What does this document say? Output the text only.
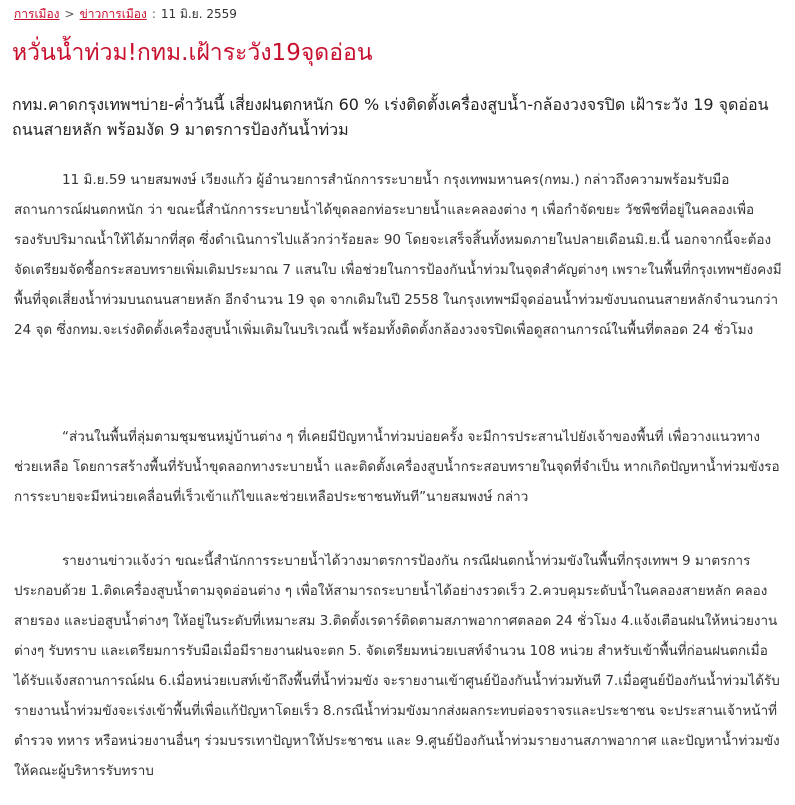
การเมือง > ข่าวการเมือง : 11 มิ.ย. 2559
หวั่นน้ำท่วม!กทม.เฝ้าระวัง19จุดอ่อน

กทม.คาดกรุงเทพฯบ่าย-ค่ำวันนี้ เสี่ยงฝนตกหนัก 60 % เร่งติดตั้งเครื่องสูบน้ำ-กล้องวงจรปิด เฝ้าระวัง 19 จุดอ่อนถนนสายหลัก พร้อมงัด 9 มาตรการป้องกันน้ำท่วม

11 มิ.ย.59 นายสมพงษ์ เวียงแก้ว ผู้อำนวยการสำนักการระบายน้ำ กรุงเทพมหานคร(กทม.) กล่าวถึงความพร้อมรับมือสถานการณ์ฝนตกหนัก ว่า ขณะนี้สำนักการระบายน้ำได้ขุดลอกท่อระบายน้ำและคลองต่าง ๆ เพื่อกำจัดขยะ วัชพืชที่อยู่ในคลองเพื่อรองรับปริมาณน้ำให้ได้มากที่สุด ซึ่งดำเนินการไปแล้วกว่าร้อยละ 90 โดยจะเสร็จสิ้นทั้งหมดภายในปลายเดือนมิ.ย.นี้ นอกจากนี้จะต้องจัดเตรียมจัดซื้อกระสอบทรายเพิ่มเติมประมาณ 7 แสนใบ เพื่อช่วยในการป้องกันน้ำท่วมในจุดสำคัญต่างๆ เพราะในพื้นที่กรุงเทพฯยังคงมีพื้นที่จุดเสี่ยงน้ำท่วมบนถนนสายหลัก อีกจำนวน 19 จุด จากเดิมในปี 2558 ในกรุงเทพฯมีจุดอ่อนน้ำท่วมขังบนถนนสายหลักจำนวนกว่า 24 จุด ซึ่งกทม.จะเร่งติดตั้งเครื่องสูบน้ำเพิ่มเติมในบริเวณนี้ พร้อมทั้งติดตั้งกล้องวงจรปิดเพื่อดูสถานการณ์ในพื้นที่ตลอด 24 ชั่วโมง

“ส่วนในพื้นที่ลุ่มตามชุมชนหมู่บ้านต่าง ๆ ที่เคยมีปัญหาน้ำท่วมบ่อยครั้ง จะมีการประสานไปยังเจ้าของพื้นที่ เพื่อวางแนวทางช่วยเหลือ โดยการสร้างพื้นที่รับน้ำขุดลอกทางระบายน้ำ และติดตั้งเครื่องสูบน้ำกระสอบทรายในจุดที่จำเป็น หากเกิดปัญหาน้ำท่วมขังรอการระบายจะมีหน่วยเคลื่อนที่เร็วเข้าแก้ไขและช่วยเหลือประชาชนทันที”นายสมพงษ์ กล่าว

รายงานข่าวแจ้งว่า ขณะนี้สำนักการระบายน้ำได้วางมาตรการป้องกัน กรณีฝนตกน้ำท่วมขังในพื้นที่กรุงเทพฯ 9 มาตรการ ประกอบด้วย 1.ติดเครื่องสูบน้ำตามจุดอ่อนต่าง ๆ เพื่อให้สามารถระบายน้ำได้อย่างรวดเร็ว 2.ควบคุมระดับน้ำในคลองสายหลัก คลองสายรอง และบ่อสูบน้ำต่างๆ ให้อยู่ในระดับที่เหมาะสม 3.ติดตั้งเรดาร์ติดตามสภาพอากาศตลอด 24 ชั่วโมง 4.แจ้งเตือนฝนให้หน่วยงานต่างๆ รับทราบ และเตรียมการรับมือเมื่อมีรายงานฝนจะตก 5. จัดเตรียมหน่วยเบสท์จำนวน 108 หน่วย สำหรับเข้าพื้นที่ก่อนฝนตกเมื่อได้รับแจ้งสถานการณ์ฝน 6.เมื่อหน่วยเบสท์เข้าถึงพื้นที่น้ำท่วมขัง จะรายงานเข้าศูนย์ป้องกันน้ำท่วมทันที 7.เมื่อศูนย์ป้องกันน้ำท่วมได้รับรายงานน้ำท่วมขังจะเร่งเข้าพื้นที่เพื่อแก้ปัญหาโดยเร็ว 8.กรณีน้ำท่วมขังมากส่งผลกระทบต่อจราจรและประชาชน จะประสานเจ้าหน้าที่ตำรวจ ทหาร หรือหน่วยงานอื่นๆ ร่วมบรรเทาปัญหาให้ประชาชน และ 9.ศูนย์ป้องกันน้ำท่วมรายงานสภาพอากาศ และปัญหาน้ำท่วมขังให้คณะผู้บริหารรับทราบ
